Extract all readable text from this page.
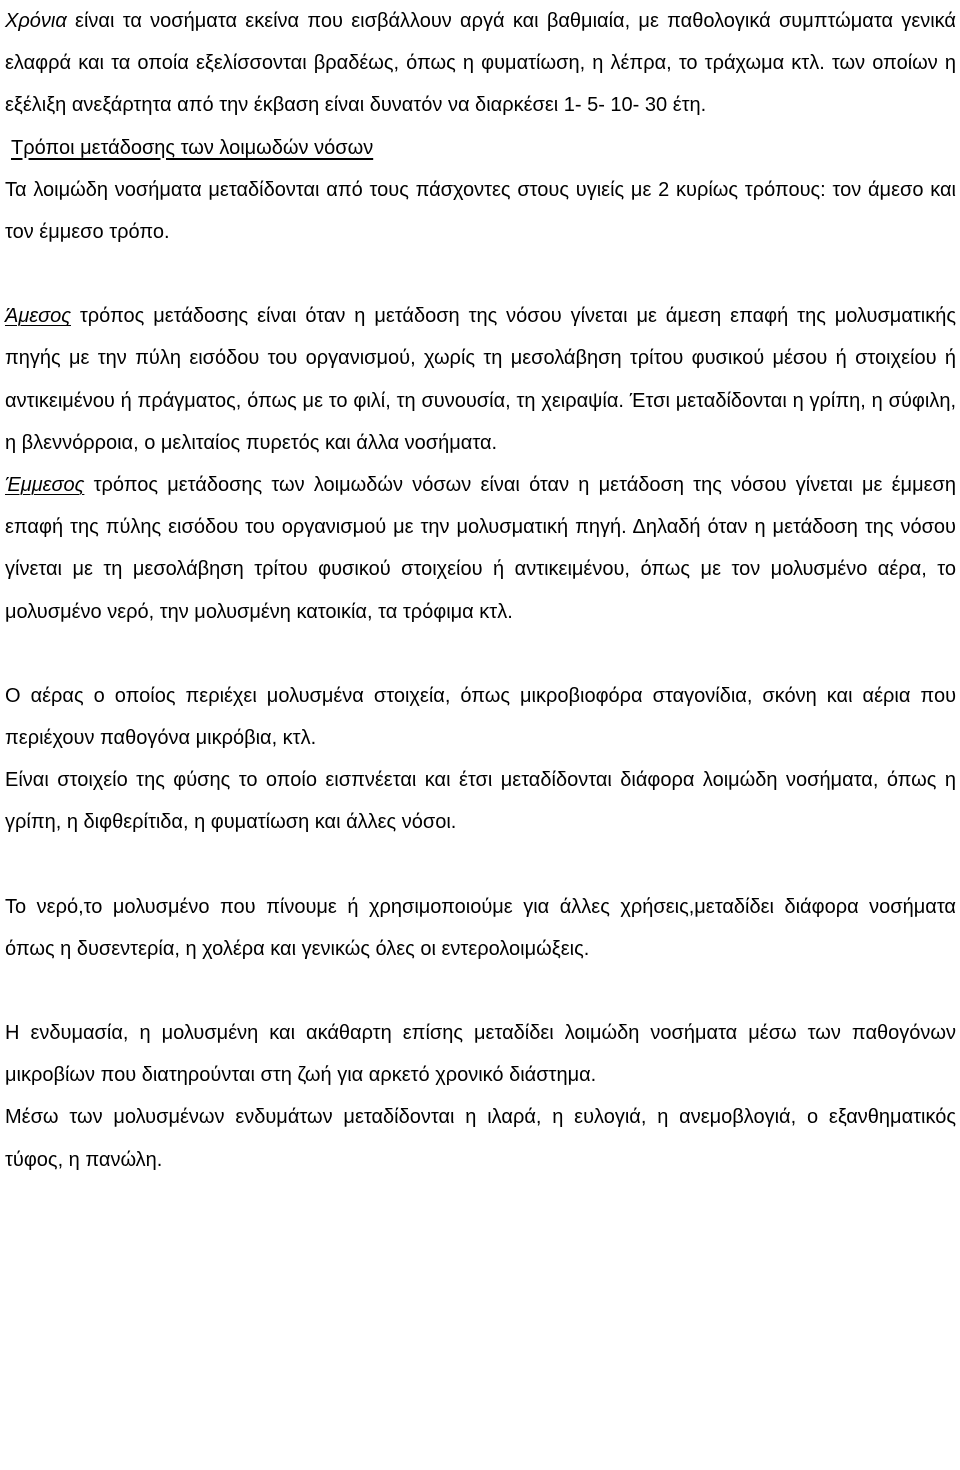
Χρόνια είναι τα νοσήματα εκείνα που εισβάλλουν αργά και βαθμιαία, με παθολογικά συμπτώματα γενικά ελαφρά και τα οποία εξελίσσονται βραδέως, όπως η φυματίωση, η λέπρα, το τράχωμα κτλ. των οποίων η εξέλιξη ανεξάρτητα από την έκβαση είναι δυνατόν να διαρκέσει 1- 5- 10- 30 έτη.

Τρόποι μετάδοσης των λοιμωδών νόσων

Τα λοιμώδη νοσήματα μεταδίδονται από τους πάσχοντες στους υγιείς με 2 κυρίως τρόπους: τον άμεσο και τον έμμεσο τρόπο.

Άμεσος τρόπος μετάδοσης είναι όταν η μετάδοση της νόσου γίνεται με άμεση επαφή της μολυσματικής πηγής με την πύλη εισόδου του οργανισμού, χωρίς τη μεσολάβηση τρίτου φυσικού μέσου ή στοιχείου ή αντικειμένου ή πράγματος, όπως με το φιλί, τη συνουσία, τη χειραψία. Έτσι μεταδίδονται η γρίπη, η σύφιλη, η βλεννόρροια, ο μελιταίος πυρετός και άλλα νοσήματα.

Έμμεσος τρόπος μετάδοσης των λοιμωδών νόσων είναι όταν η μετάδοση της νόσου γίνεται με έμμεση επαφή της πύλης εισόδου του οργανισμού με την μολυσματική πηγή. Δηλαδή όταν η μετάδοση της νόσου γίνεται με τη μεσολάβηση τρίτου φυσικού στοιχείου ή αντικειμένου, όπως με τον μολυσμένο αέρα, το μολυσμένο νερό, την μολυσμένη κατοικία, τα τρόφιμα κτλ.

Ο αέρας ο οποίος περιέχει μολυσμένα στοιχεία, όπως μικροβιοφόρα σταγονίδια, σκόνη και αέρια που περιέχουν παθογόνα μικρόβια, κτλ.

Είναι στοιχείο της φύσης το οποίο εισπνέεται και έτσι μεταδίδονται διάφορα λοιμώδη νοσήματα, όπως η γρίπη, η διφθερίτιδα, η φυματίωση και άλλες νόσοι.

Το νερό,το μολυσμένο που πίνουμε ή χρησιμοποιούμε για άλλες χρήσεις,μεταδίδει διάφορα νοσήματα όπως η δυσεντερία, η χολέρα και γενικώς όλες οι εντερολοιμώξεις.

Η ενδυμασία, η μολυσμένη και ακάθαρτη επίσης μεταδίδει λοιμώδη νοσήματα μέσω των παθογόνων μικροβίων που διατηρούνται στη ζωή για αρκετό χρονικό διάστημα.

Μέσω των μολυσμένων ενδυμάτων μεταδίδονται η ιλαρά, η ευλογιά, η ανεμοβλογιά, ο εξανθηματικός τύφος, η πανώλη.
